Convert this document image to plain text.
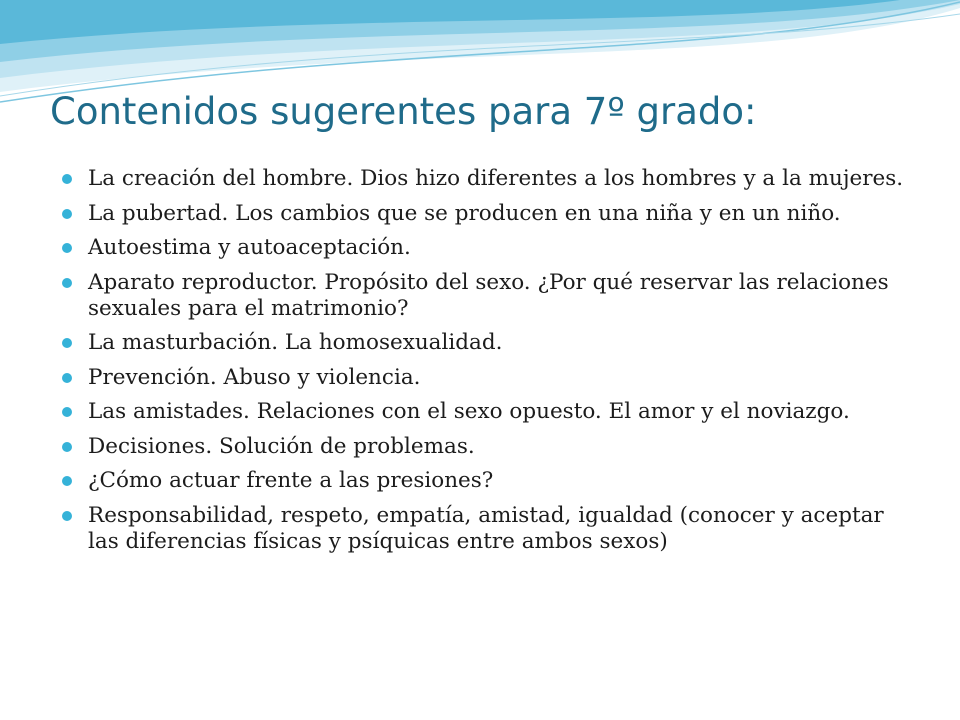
Contenidos sugerentes para 7º grado:
La creación del hombre. Dios hizo diferentes a los hombres y a la mujeres.
La pubertad. Los cambios que se producen en una niña y en un niño.
Autoestima y autoaceptación.
Aparato reproductor. Propósito del sexo. ¿Por qué reservar las relaciones sexuales para el matrimonio?
La masturbación. La homosexualidad.
Prevención. Abuso y violencia.
Las amistades. Relaciones con el sexo opuesto. El amor y el noviazgo.
Decisiones. Solución de problemas.
¿Cómo actuar frente a las presiones?
Responsabilidad, respeto, empatía, amistad, igualdad (conocer y aceptar las diferencias físicas y psíquicas entre ambos sexos)
